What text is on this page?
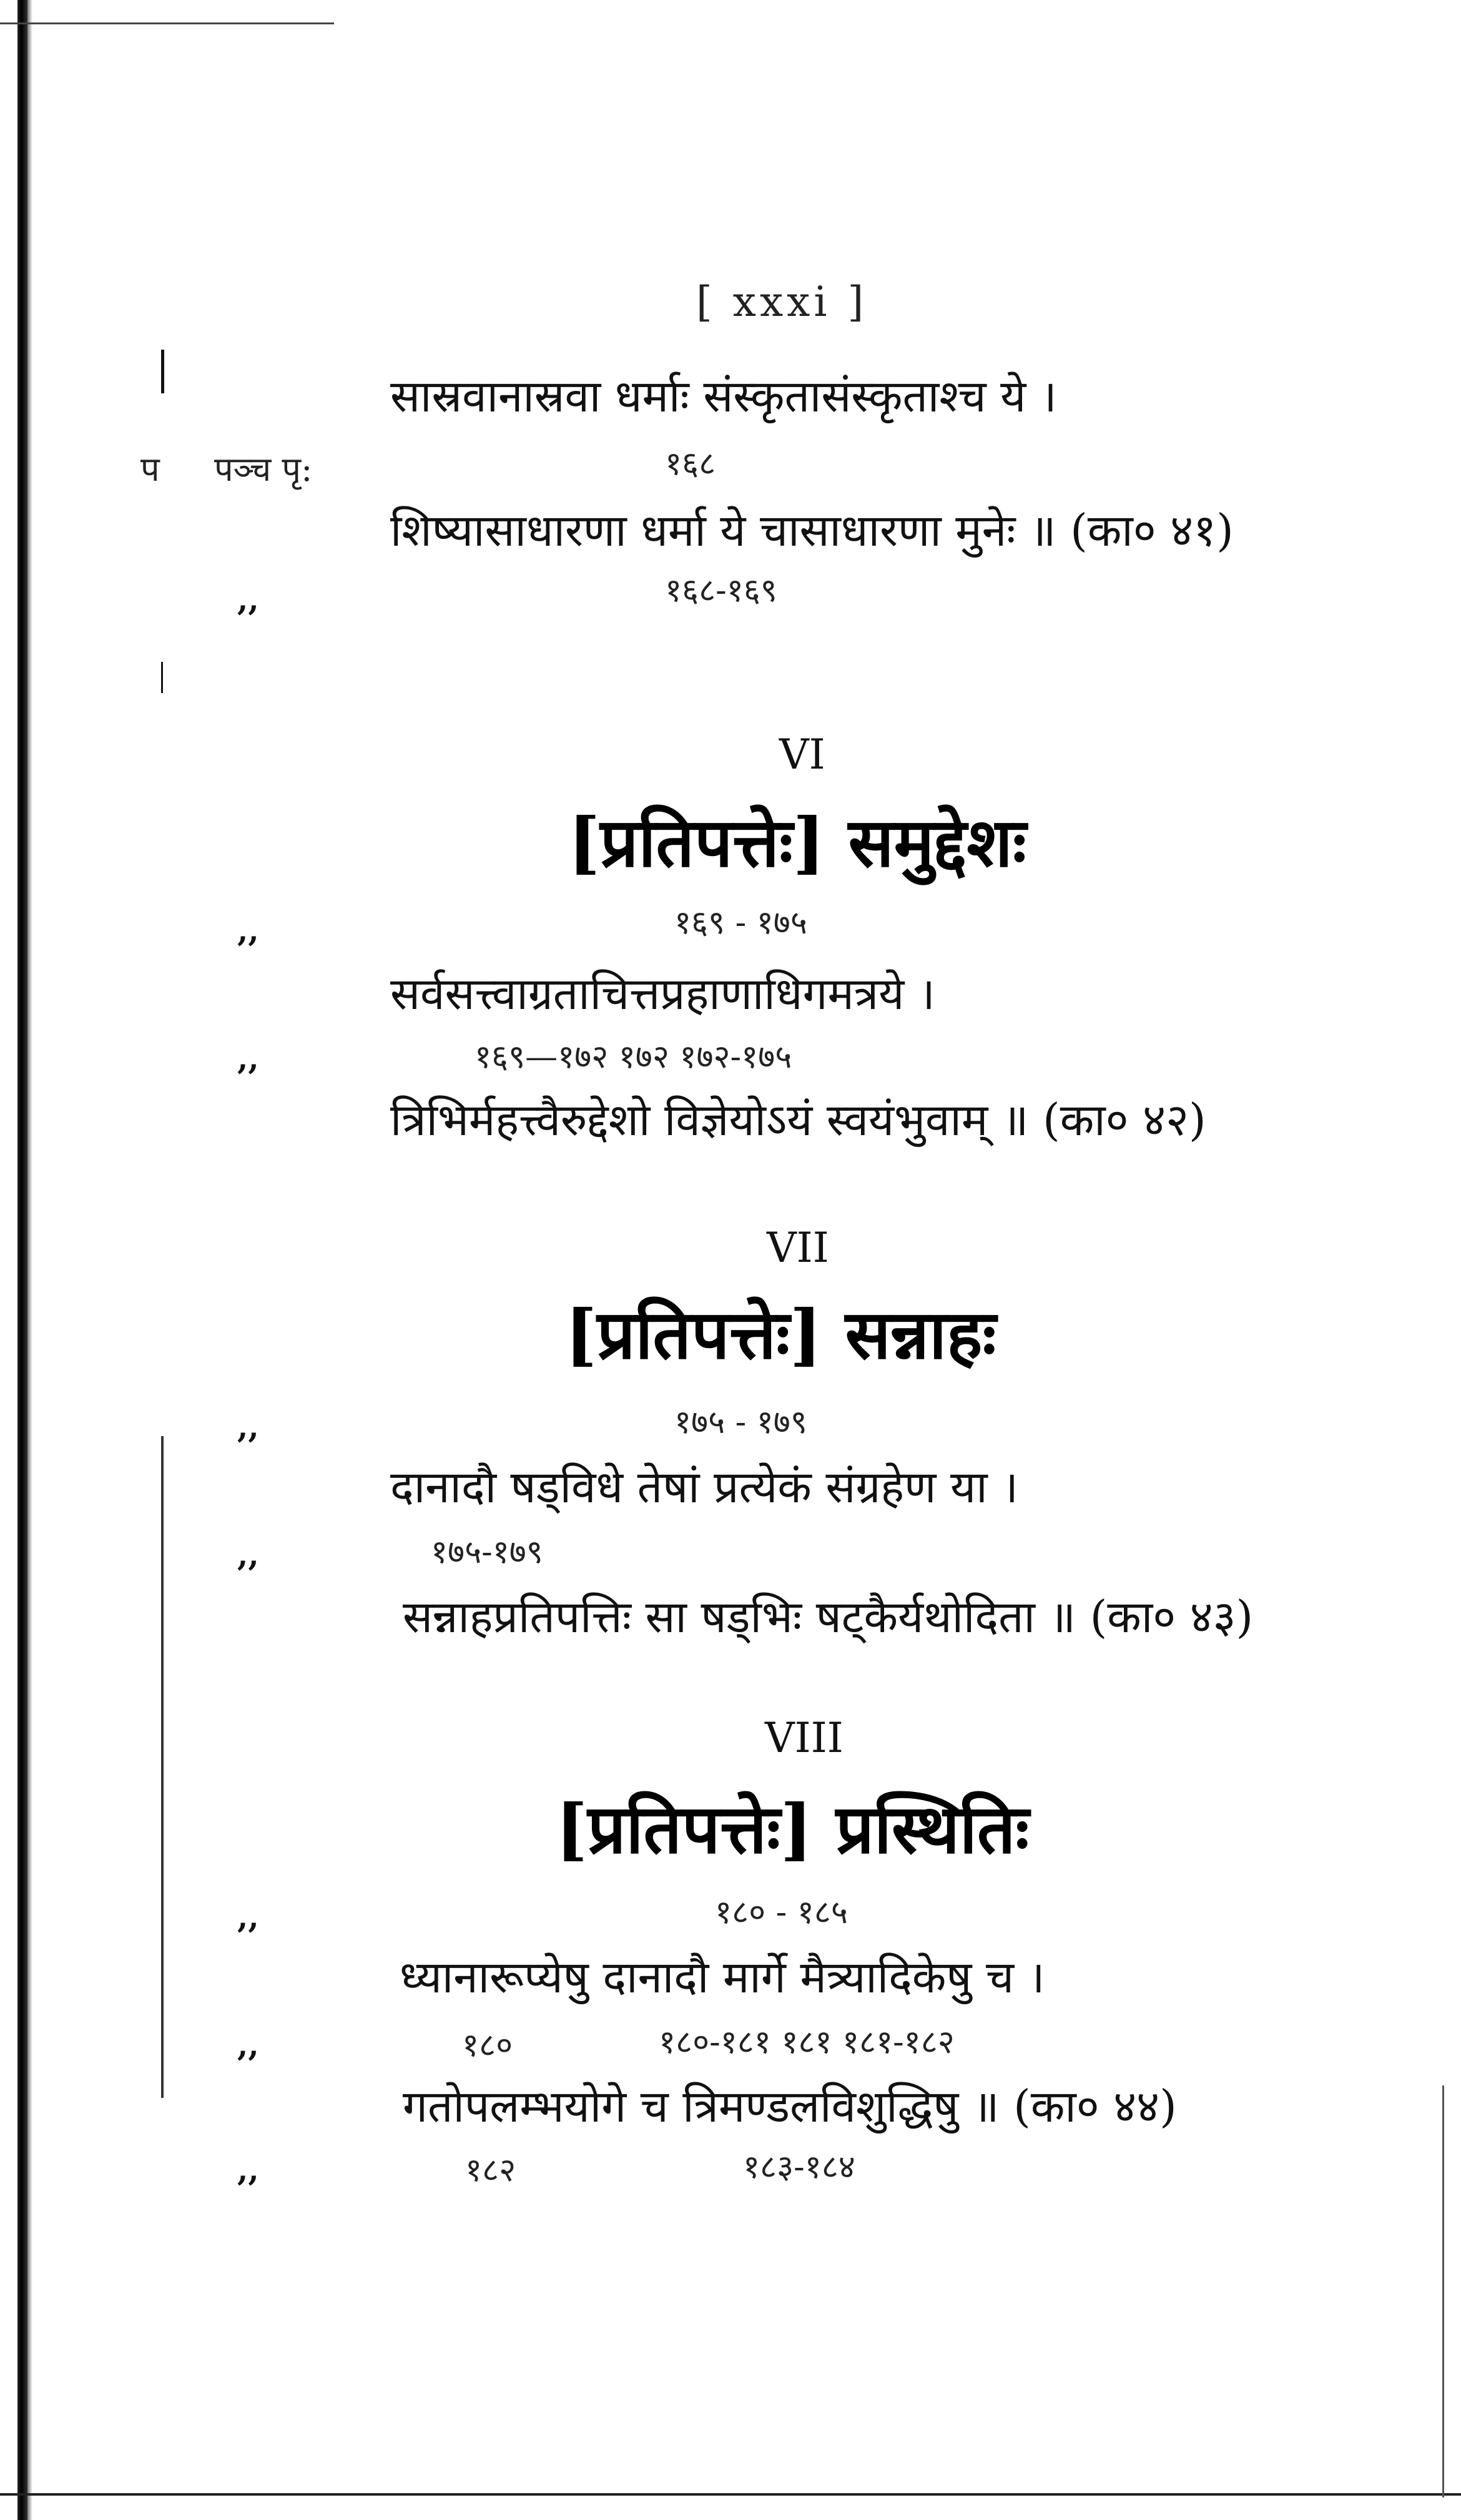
[ xxxi ]
प पञ्च पृ:
,,
,,
,,
,,
,,
,,
,,
,,
सास्रवानास्रवा धर्माः संस्कृतासंस्कृताश्च ये ।
१६८
शिष्यासाधारणा धर्मा ये चासाधारणा मुनेः ॥ (का० ४१)
१६८-१६९
VI
[प्रतिपत्तेः] समुद्देशः
१६९ - १७५
सर्वसत्त्वाग्रताचित्तप्रहाणाधिगमत्रये ।
१६९—१७२ १७२ १७२-१७५
त्रिभिर्महत्त्वैरुद्देशो विज्ञेयोऽयं स्वयंभुवाम् ॥ (का० ४२)
VII
[प्रतिपत्तेः] सन्नाहः
१७५ - १७९
दानादौ षड्विधे तेषां प्रत्येकं संग्रहेण या ।
१७५-१७९
सन्नाहप्रतिपत्तिः सा षड्भिः षट्कैर्यथोदिता ॥ (का० ४३)
VIII
[प्रतिपत्तेः] प्रस्थितिः
१८० - १८५
ध्यानारूप्येषु दानादौ मार्गे मैत्र्यादिकेषु च ।
१८०	१८०-१८१ १८१ १८१-१८२
गतोपलम्भयोगे च त्रिमण्डलविशुद्धिषु ॥ (का० ४४)
१८२	१८३-१८४
